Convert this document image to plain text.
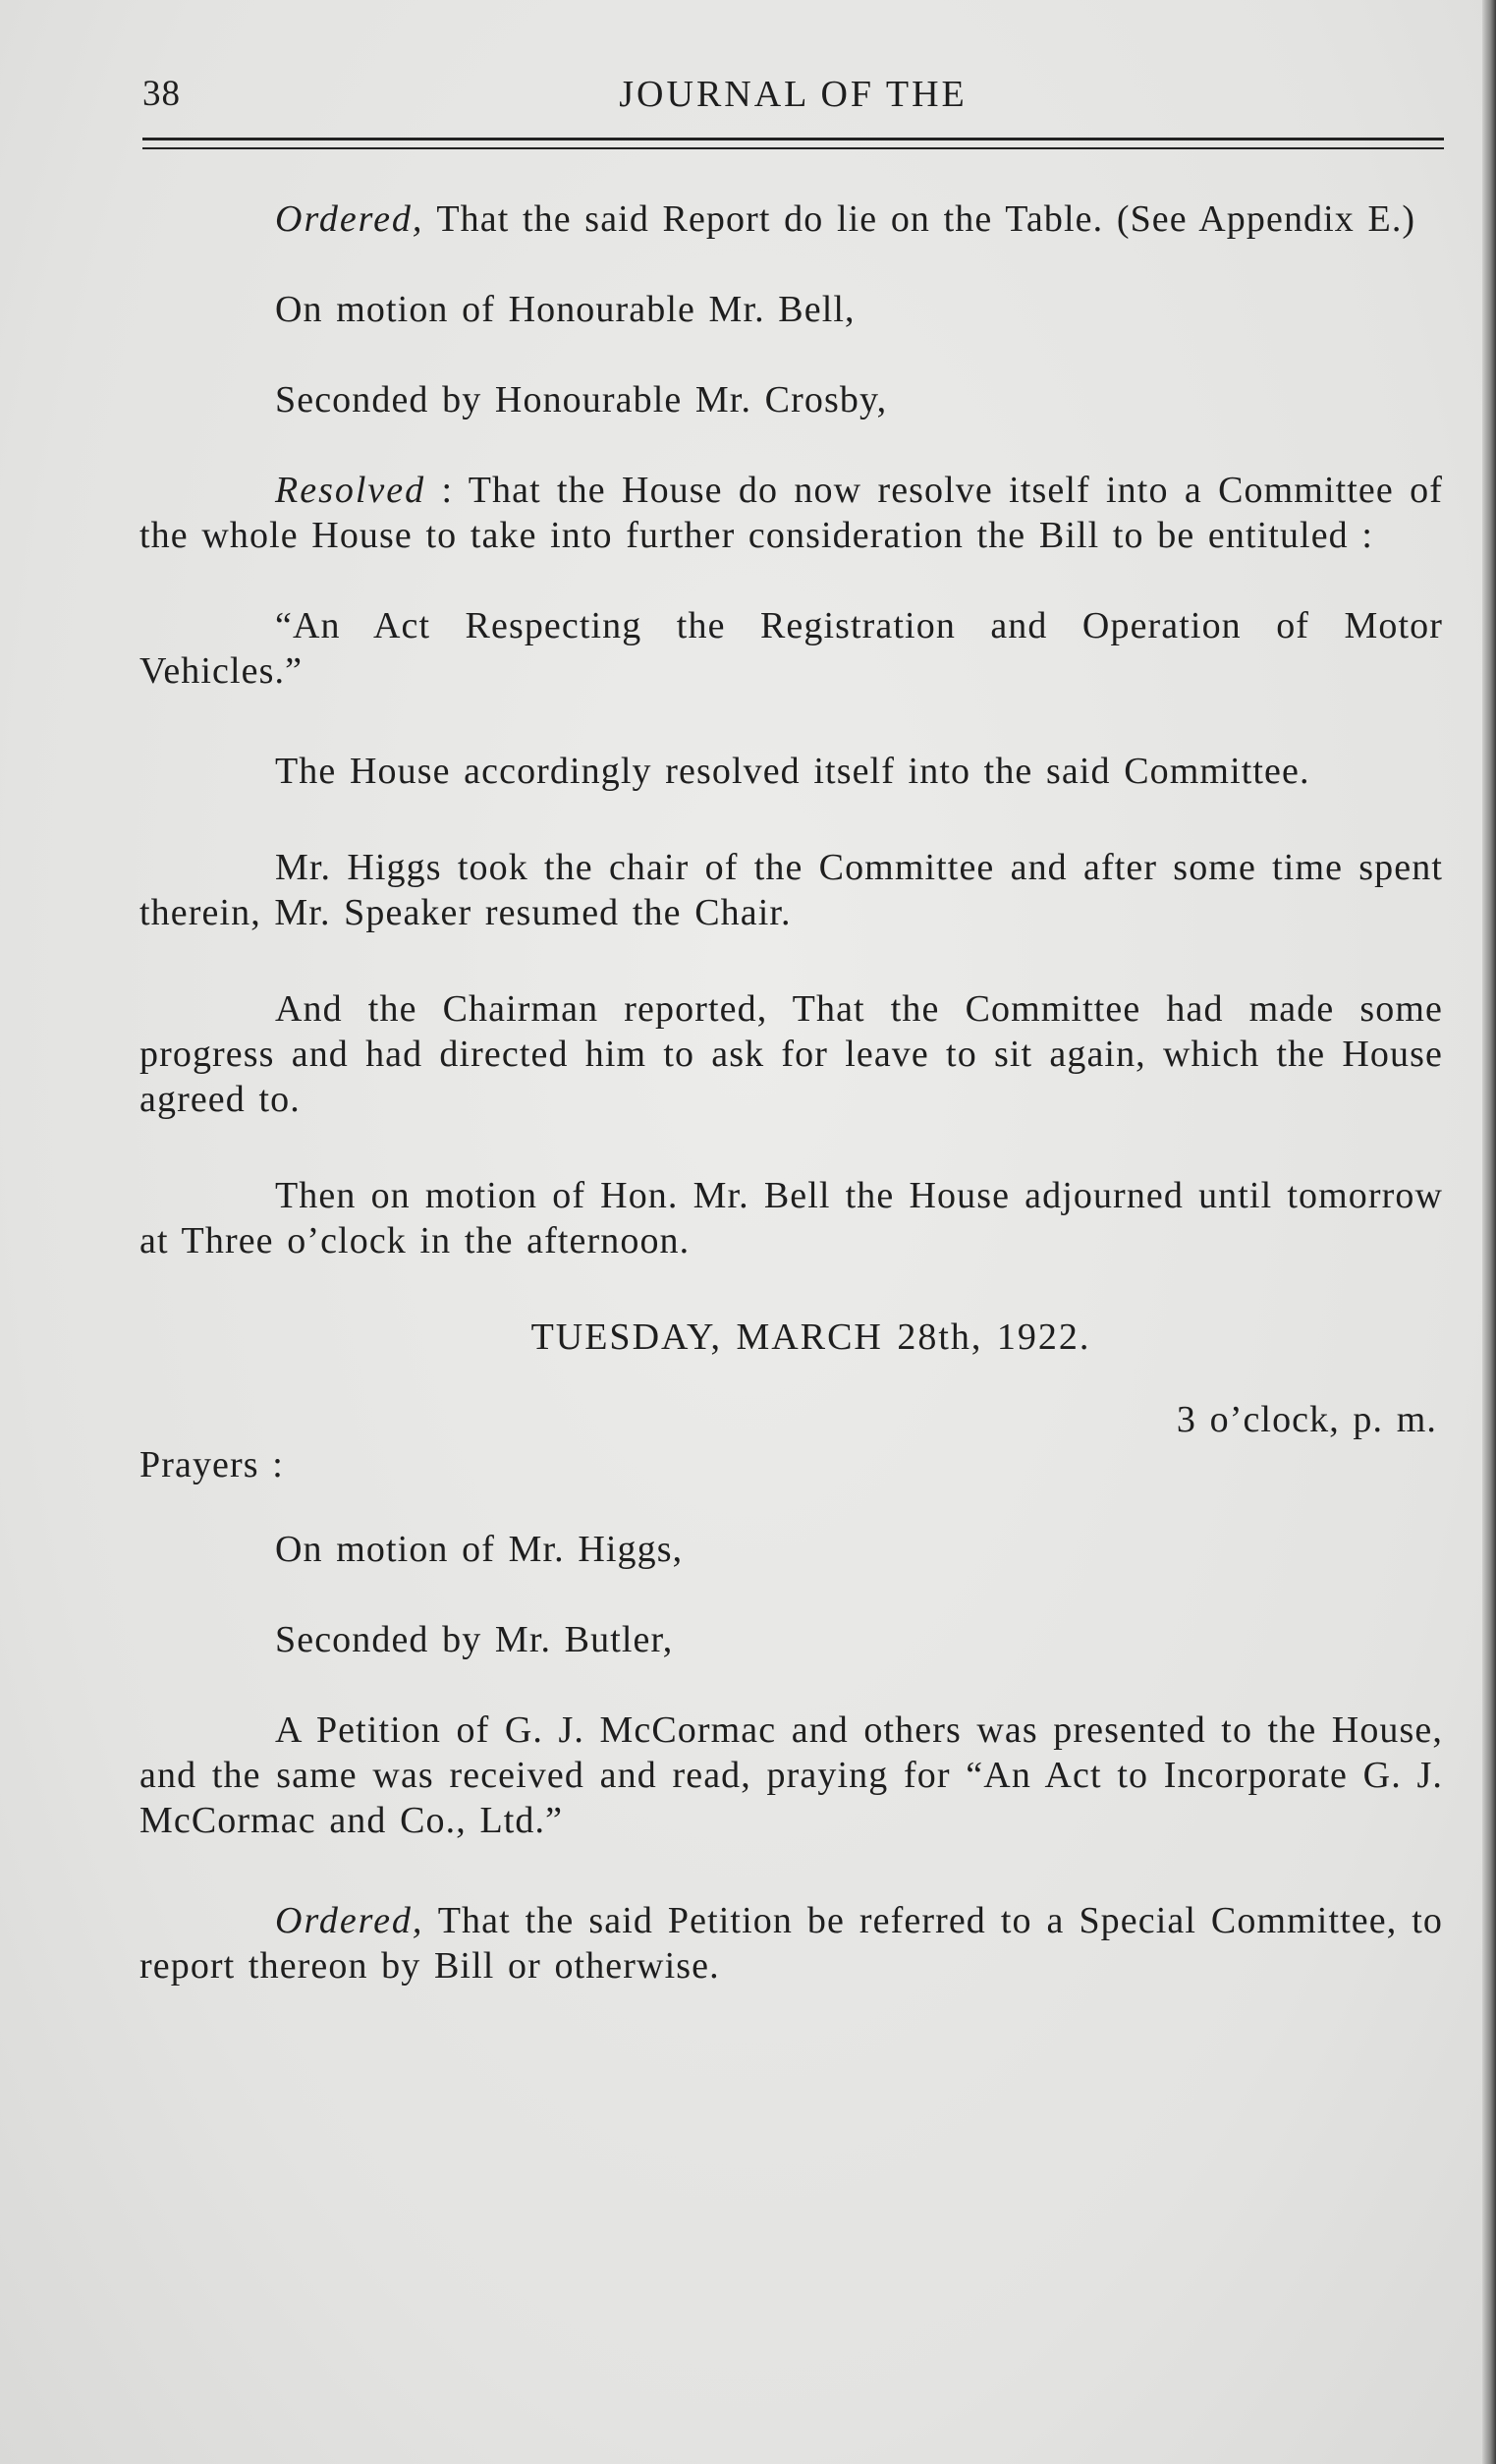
38	JOURNAL OF THE

Ordered, That the said Report do lie on the Table. (See Appendix E.)

On motion of Honourable Mr. Bell,

Seconded by Honourable Mr. Crosby,

Resolved : That the House do now resolve itself into a Committee of the whole House to take into further consideration the Bill to be entituled :

“An Act Respecting the Registration and Operation of Motor Vehicles.”

The House accordingly resolved itself into the said Committee.

Mr. Higgs took the chair of the Committee and after some time spent therein, Mr. Speaker resumed the Chair.

And the Chairman reported, That the Committee had made some progress and had directed him to ask for leave to sit again, which the House agreed to.

Then on motion of Hon. Mr. Bell the House adjourned until tomorrow at Three o’clock in the afternoon.

TUESDAY, MARCH 28th, 1922.

3 o’clock, p. m.

Prayers :

On motion of Mr. Higgs,

Seconded by Mr. Butler,

A Petition of G. J. McCormac and others was presented to the House, and the same was received and read, praying for “An Act to Incorporate G. J. McCormac and Co., Ltd.”

Ordered, That the said Petition be referred to a Special Committee, to report thereon by Bill or otherwise.
